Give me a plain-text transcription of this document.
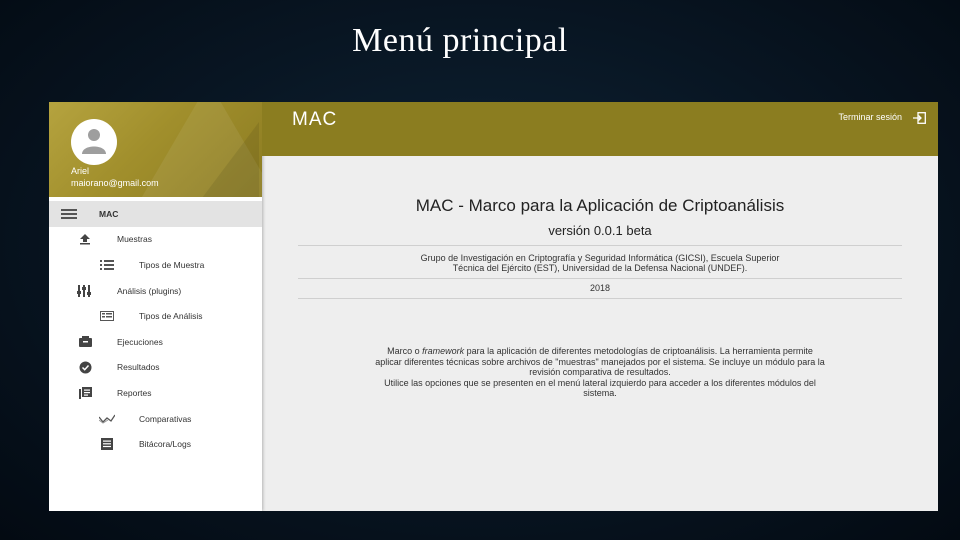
Menú principal
Ariel
maiorano@gmail.com
MAC
Muestras
Tipos de Muestra
Análisis (plugins)
Tipos de Análisis
Ejecuciones
Resultados
Reportes
Comparativas
Bitácora/Logs
MAC	Terminar sesión
MAC - Marco para la Aplicación de Criptoanálisis
versión 0.0.1 beta
Grupo de Investigación en Criptografía y Seguridad Informática (GICSI), Escuela Superior
Técnica del Ejército (EST), Universidad de la Defensa Nacional (UNDEF).
2018
Marco o framework para la aplicación de diferentes metodologías de criptoanálisis. La herramienta permite
aplicar diferentes técnicas sobre archivos de "muestras" manejados por el sistema. Se incluye un módulo para la
revisión comparativa de resultados.
Utilice las opciones que se presenten en el menú lateral izquierdo para acceder a los diferentes módulos del
sistema.
